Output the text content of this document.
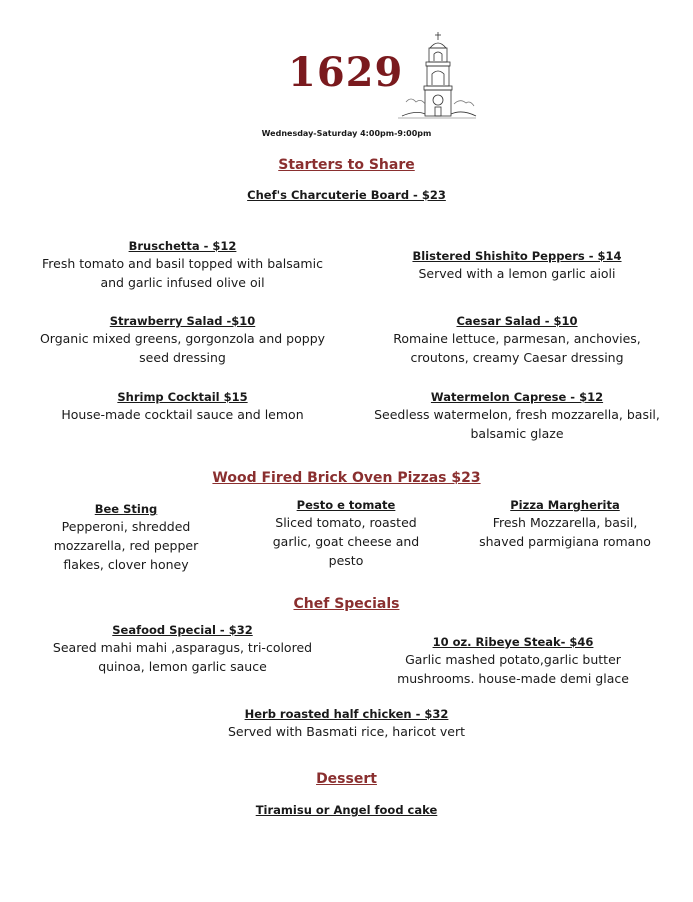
1629
Wednesday-Saturday 4:00pm-9:00pm
Starters to Share
Chef's Charcuterie Board - $23
Bruschetta - $12
Fresh tomato and basil topped with balsamic and garlic infused olive oil
Blistered Shishito Peppers - $14
Served with a lemon garlic aioli
Strawberry Salad -$10
Organic mixed greens, gorgonzola and poppy seed dressing
Caesar Salad - $10
Romaine lettuce, parmesan, anchovies, croutons, creamy Caesar dressing
Shrimp Cocktail $15
House-made cocktail sauce and lemon
Watermelon Caprese - $12
Seedless watermelon, fresh mozzarella, basil, balsamic glaze
Wood Fired Brick Oven Pizzas $23
Bee Sting
Pepperoni, shredded mozzarella, red pepper flakes, clover honey
Pesto e tomate
Sliced tomato, roasted garlic, goat cheese and pesto
Pizza Margherita
Fresh Mozzarella, basil, shaved parmigiana romano
Chef Specials
Seafood Special - $32
Seared mahi mahi ,asparagus, tri-colored quinoa, lemon garlic sauce
10 oz. Ribeye Steak- $46
Garlic mashed potato,garlic butter mushrooms. house-made demi glace
Herb roasted half chicken - $32
Served with Basmati rice, haricot vert
Dessert
Tiramisu or Angel food cake
